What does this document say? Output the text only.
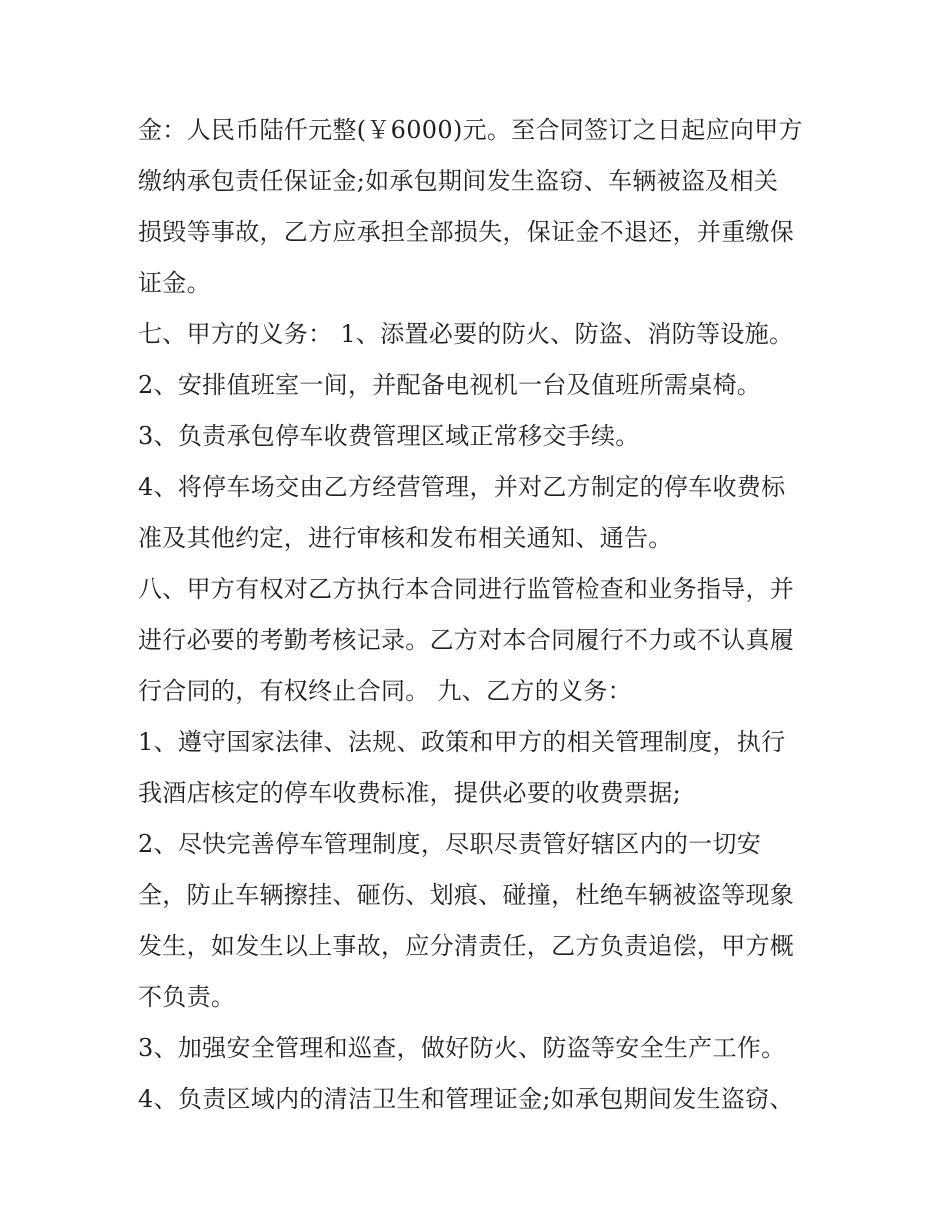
金：人民币陆仟元整(￥6000)元。至合同签订之日起应向甲方
缴纳承包责任保证金;如承包期间发生盗窃、车辆被盗及相关
损毁等事故，乙方应承担全部损失，保证金不退还，并重缴保
证金。
七、甲方的义务： 1、添置必要的防火、防盗、消防等设施。
2、安排值班室一间，并配备电视机一台及值班所需桌椅。
3、负责承包停车收费管理区域正常移交手续。
4、将停车场交由乙方经营管理，并对乙方制定的停车收费标
准及其他约定，进行审核和发布相关通知、通告。
八、甲方有权对乙方执行本合同进行监管检查和业务指导，并
进行必要的考勤考核记录。乙方对本合同履行不力或不认真履
行合同的，有权终止合同。 九、乙方的义务：
1、遵守国家法律、法规、政策和甲方的相关管理制度，执行
我酒店核定的停车收费标准，提供必要的收费票据;
2、尽快完善停车管理制度，尽职尽责管好辖区内的一切安
全，防止车辆擦挂、砸伤、划痕、碰撞，杜绝车辆被盗等现象
发生，如发生以上事故，应分清责任，乙方负责追偿，甲方概
不负责。
3、加强安全管理和巡查，做好防火、防盗等安全生产工作。
4、负责区域内的清洁卫生和管理证金;如承包期间发生盗窃、
